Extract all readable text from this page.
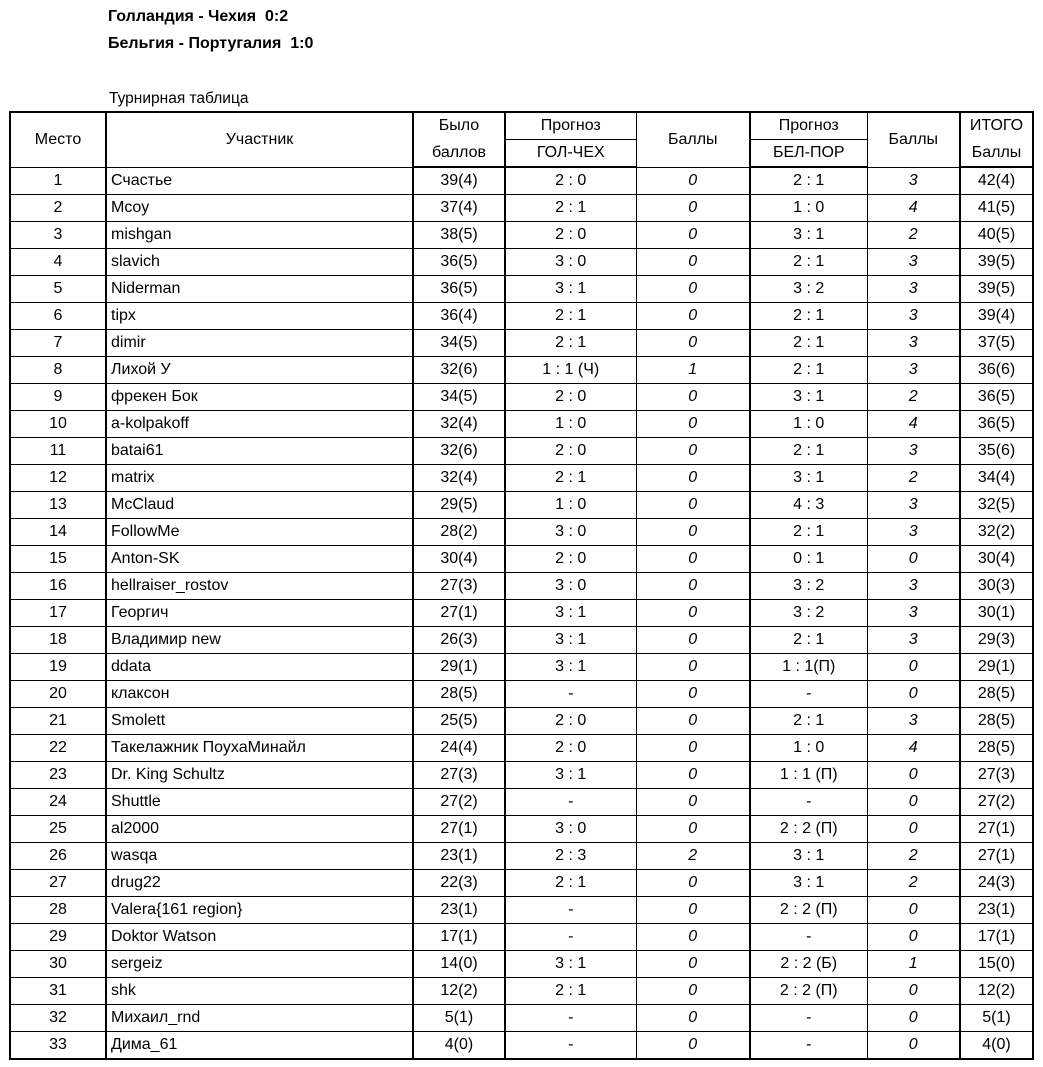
Голландия - Чехия  0:2
Бельгия - Португалия  1:0
Турнирная таблица
Место	Участник	Было	Прогноз	Баллы	Прогноз	Баллы	ИТОГО
		баллов	ГОЛ-ЧЕХ		БЕЛ-ПОР		Баллы
1	Счастье	39(4)	2 : 0	0	2 : 1	3	42(4)
2	Mcoy	37(4)	2 : 1	0	1 : 0	4	41(5)
3	mishgan	38(5)	2 : 0	0	3 : 1	2	40(5)
4	slavich	36(5)	3 : 0	0	2 : 1	3	39(5)
5	Niderman	36(5)	3 : 1	0	3 : 2	3	39(5)
6	tipx	36(4)	2 : 1	0	2 : 1	3	39(4)
7	dimir	34(5)	2 : 1	0	2 : 1	3	37(5)
8	Лихой У	32(6)	1 : 1 (Ч)	1	2 : 1	3	36(6)
9	фрекен Бок	34(5)	2 : 0	0	3 : 1	2	36(5)
10	a-kolpakoff	32(4)	1 : 0	0	1 : 0	4	36(5)
11	batai61	32(6)	2 : 0	0	2 : 1	3	35(6)
12	matrix	32(4)	2 : 1	0	3 : 1	2	34(4)
13	McClaud	29(5)	1 : 0	0	4 : 3	3	32(5)
14	FollowMe	28(2)	3 : 0	0	2 : 1	3	32(2)
15	Anton-SK	30(4)	2 : 0	0	0 : 1	0	30(4)
16	hellraiser_rostov	27(3)	3 : 0	0	3 : 2	3	30(3)
17	Георгич	27(1)	3 : 1	0	3 : 2	3	30(1)
18	Владимир new	26(3)	3 : 1	0	2 : 1	3	29(3)
19	ddata	29(1)	3 : 1	0	1 : 1(П)	0	29(1)
20	клаксон	28(5)	-	0	-	0	28(5)
21	Smolett	25(5)	2 : 0	0	2 : 1	3	28(5)
22	Такелажник ПоухаМинайл	24(4)	2 : 0	0	1 : 0	4	28(5)
23	Dr. King Schultz	27(3)	3 : 1	0	1 : 1 (П)	0	27(3)
24	Shuttle	27(2)	-	0	-	0	27(2)
25	al2000	27(1)	3 : 0	0	2 : 2 (П)	0	27(1)
26	wasqa	23(1)	2 : 3	2	3 : 1	2	27(1)
27	drug22	22(3)	2 : 1	0	3 : 1	2	24(3)
28	Valera{161 region}	23(1)	-	0	2 : 2 (П)	0	23(1)
29	Doktor Watson	17(1)	-	0	-	0	17(1)
30	sergeiz	14(0)	3 : 1	0	2 : 2 (Б)	1	15(0)
31	shk	12(2)	2 : 1	0	2 : 2 (П)	0	12(2)
32	Михаил_rnd	5(1)	-	0	-	0	5(1)
33	Дима_61	4(0)	-	0	-	0	4(0)
